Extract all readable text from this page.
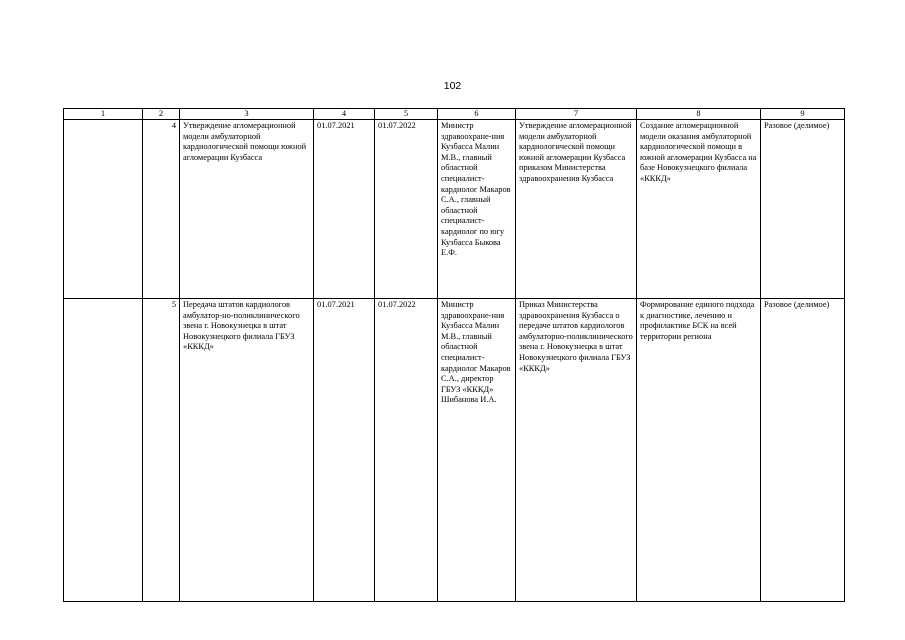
102
1	2	3	4	5	6	7	8	9
	4	Утверждение агломерационной модели амбулаторной кардиологической помощи южной агломерации Кузбасса	01.07.2021	01.07.2022	Министр здравоохране-ния Кузбасса Малин М.В., главный областной специалист-кардиолог Макаров С.А., главный областной специалист-кардиолог по югу Кузбасса Быкова Е.Ф.	Утверждение агломерационной модели амбулаторной кардиологической помощи южной агломерации Кузбасса приказом Министерства здравоохранения Кузбасса	Создание агломерационной модели оказания амбулаторной кардиологической помощи в южной агломерации Кузбасса на базе Новокузнецкого филиала «КККД»	Разовое (делимое)
	5	Передача штатов кардиологов амбулатор-но-поликлинического звена г. Новокузнецка в штат Новокузнецкого филиала ГБУЗ «КККД»	01.07.2021	01.07.2022	Министр здравоохране-ния Кузбасса Малин М.В., главный областной специалист-кардиолог Макаров С.А., директор ГБУЗ «КККД» Шибанова И.А.	Приказ Министерства здравоохранения Кузбасса о передаче штатов кардиологов амбулаторно-поликлинического звена г. Новокузнецка в штат Новокузнецкого филиала ГБУЗ «КККД»	Формирование единого подхода к диагностике, лечению и профилактике БСК на всей территории региона	Разовое (делимое)
